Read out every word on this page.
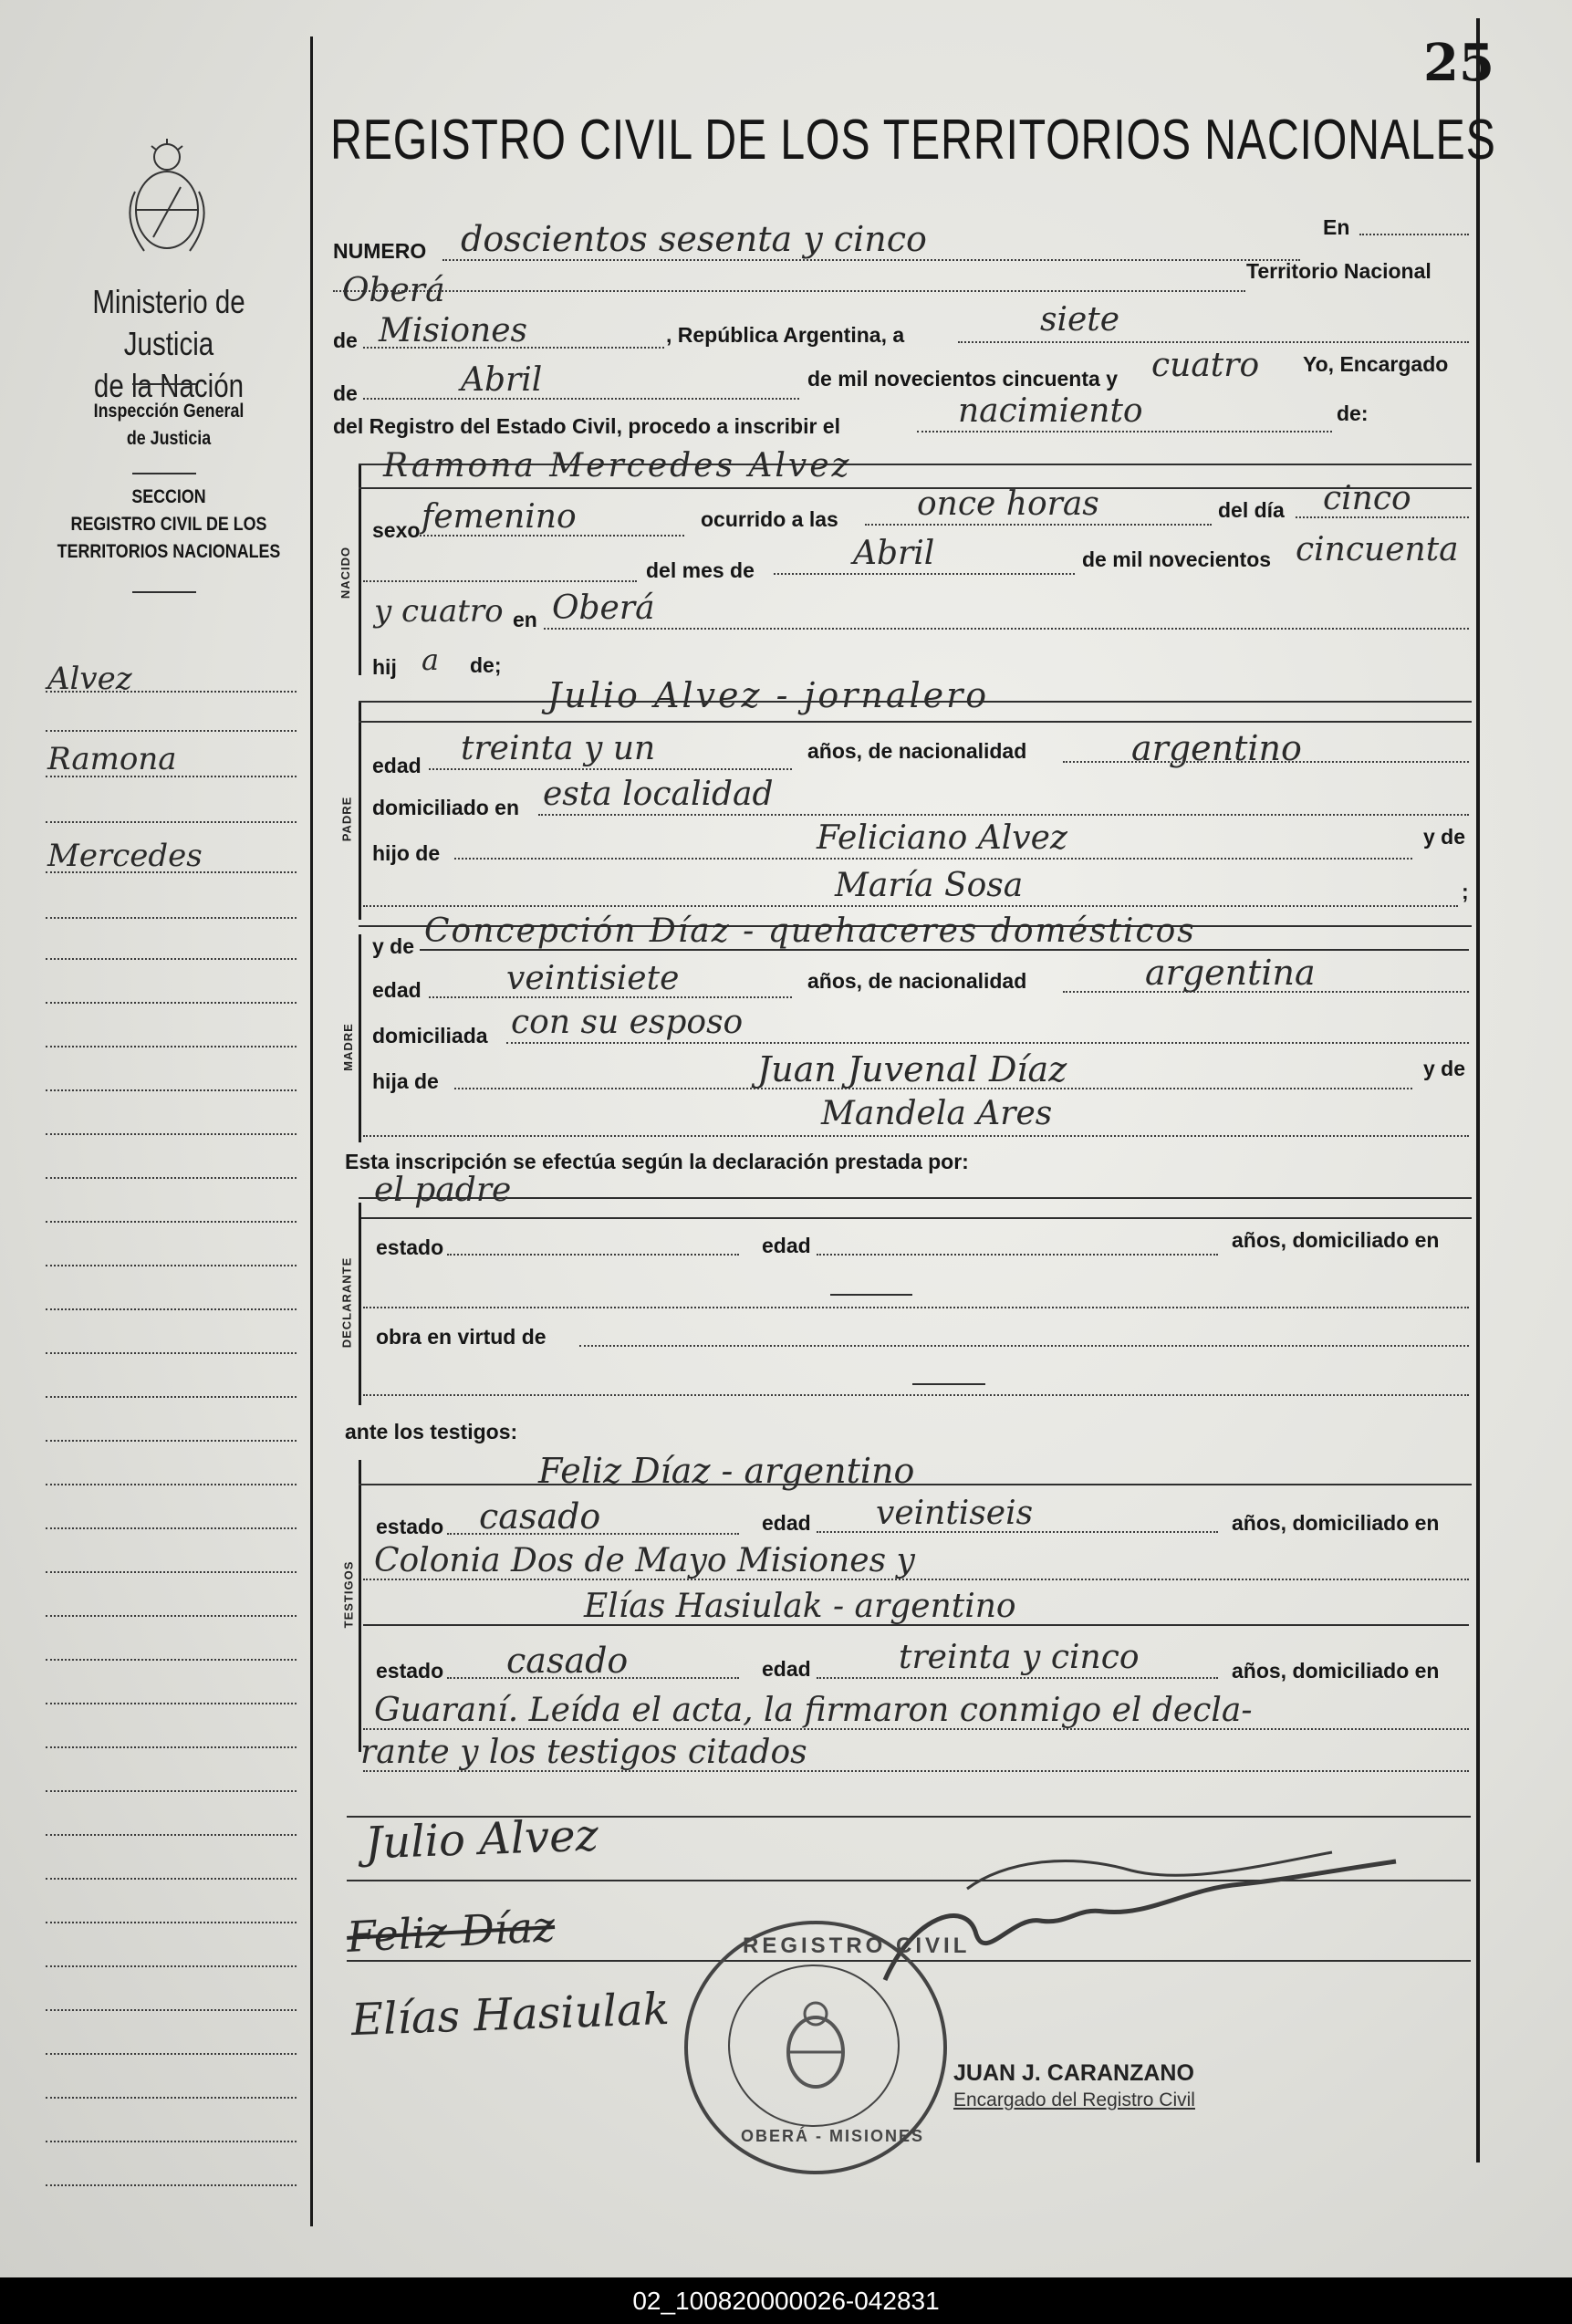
25
Ministerio de Justicia
de la Nación
Inspección General
de Justicia
SECCION
REGISTRO CIVIL DE LOS
TERRITORIOS NACIONALES
Alvez
Ramona
Mercedes
REGISTRO CIVIL DE LOS TERRITORIOS NACIONALES
NUMERO doscientos sesenta y cinco	En
Oberá
Territorio Nacional
de Misiones	, República Argentina, a	siete
de	Abril	de mil novecientos cincuenta y cuatro Yo, Encargado
del Registro del Estado Civil, procedo a inscribir el	nacimiento	de:
NACIDO
Ramona Mercedes Alvez
sexo femenino	ocurrido a las once horas	del día cinco
del mes de	Abril	de mil novecientos cincuenta
y cuatro en Oberá
hij a de;
PADRE
Julio Alvez - jornalero
edad treinta y un	años, de nacionalidad	argentino
domiciliado en esta localidad
hijo de	Feliciano Alvez	y de
María Sosa	;
MADRE
y de Concepción Díaz - quehaceres domésticos
edad	veintisiete	años, de nacionalidad	argentina
domiciliada con su esposo
hija de	Juan Juvenal Díaz	y de
Mandela Ares
Esta inscripción se efectúa según la declaración prestada por:
el padre
DECLARANTE
estado	edad	años, domiciliado en
obra en virtud de
ante los testigos:
TESTIGOS
Feliz Díaz - argentino
estado casado	edad veintiseis	años, domiciliado en
Colonia Dos de Mayo Misiones y
Elías Hasiulak - argentino
estado casado	edad	treinta y cinco	años, domiciliado en
Guaraní. Leída el acta, la firmaron conmigo el decla-
rante y los testigos citados
Julio Alvez
Feliz Díaz
Elías Hasiulak
REGISTRO CIVIL
OBERÁ - MISIONES
JUAN J. CARANZANO
Encargado del Registro Civil
02_100820000026-042831
